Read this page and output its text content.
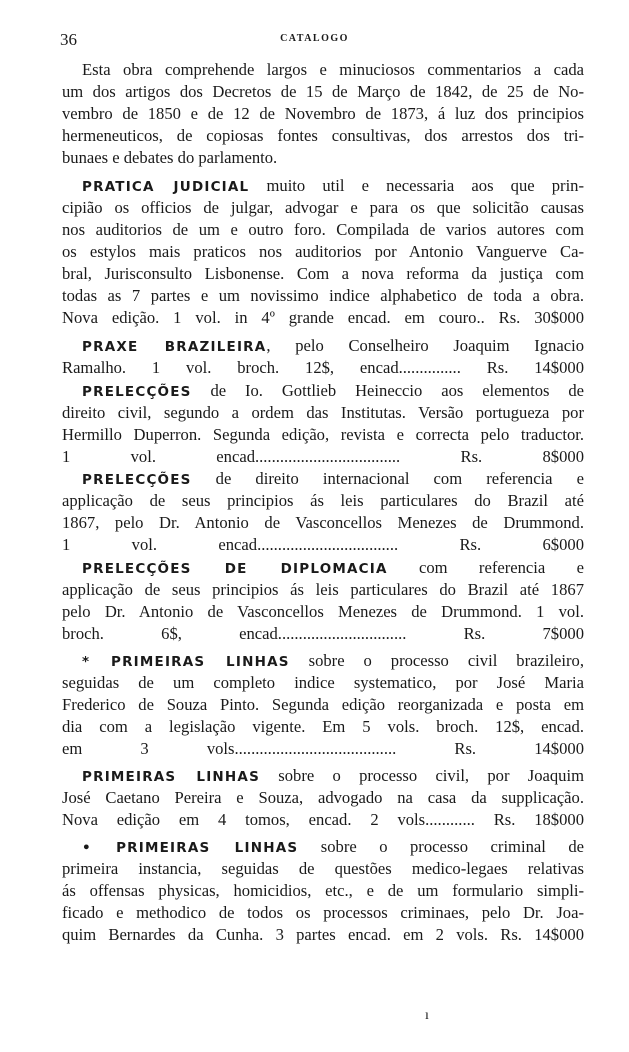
36	CATALOGO
Esta obra comprehende largos e minuciosos commentarios a cada
um dos artigos dos Decretos de 15 de Março de 1842, de 25 de No-
vembro de 1850 e de 12 de Novembro de 1873, á luz dos principios
hermeneuticos, de copiosas fontes consultivas, dos arrestos dos tri-
bunaes e debates do parlamento.
PRATICA JUDICIAL muito util e necessaria aos que prin-
cipião os officios de julgar, advogar e para os que solicitão causas
nos auditorios de um e outro foro. Compilada de varios autores com
os estylos mais praticos nos auditorios por Antonio Vanguerve Ca-
bral, Jurisconsulto Lisbonense. Com a nova reforma da justiça com
todas as 7 partes e um novissimo indice alphabetico de toda a obra.
Nova edição. 1 vol. in 4º grande encad. em couro.. Rs. 30$000
PRAXE BRAZILEIRA, pelo Conselheiro Joaquim Ignacio
Ramalho. 1 vol. broch. 12$, encad............... Rs. 14$000
PRELECÇÕES de Io. Gottlieb Heineccio aos elementos de
direito civil, segundo a ordem das Institutas. Versão portugueza por
Hermillo Duperron. Segunda edição, revista e correcta pelo traductor.
1 vol. encad................................... Rs. 8$000
PRELECÇÕES de direito internacional com referencia e
applicação de seus principios ás leis particulares do Brazil até
1867, pelo Dr. Antonio de Vasconcellos Menezes de Drummond.
1 vol. encad.................................. Rs. 6$000
PRELECÇÕES DE DIPLOMACIA com referencia e
applicação de seus principios ás leis particulares do Brazil até 1867
pelo Dr. Antonio de Vasconcellos Menezes de Drummond. 1 vol.
broch. 6$, encad............................... Rs. 7$000
* PRIMEIRAS LINHAS sobre o processo civil brazileiro,
seguidas de um completo indice systematico, por José Maria
Frederico de Souza Pinto. Segunda edição reorganizada e posta em
dia com a legislação vigente. Em 5 vols. broch. 12$, encad.
em 3 vols....................................... Rs. 14$000
PRIMEIRAS LINHAS sobre o processo civil, por Joaquim
José Caetano Pereira e Souza, advogado na casa da supplicação.
Nova edição em 4 tomos, encad. 2 vols............ Rs. 18$000
• PRIMEIRAS LINHAS sobre o processo criminal de
primeira instancia, seguidas de questões medico-legaes relativas
ás offensas physicas, homicidios, etc., e de um formulario simpli-
ficado e methodico de todos os processos criminaes, pelo Dr. Joa-
quim Bernardes da Cunha. 3 partes encad. em 2 vols. Rs. 14$000
ı
